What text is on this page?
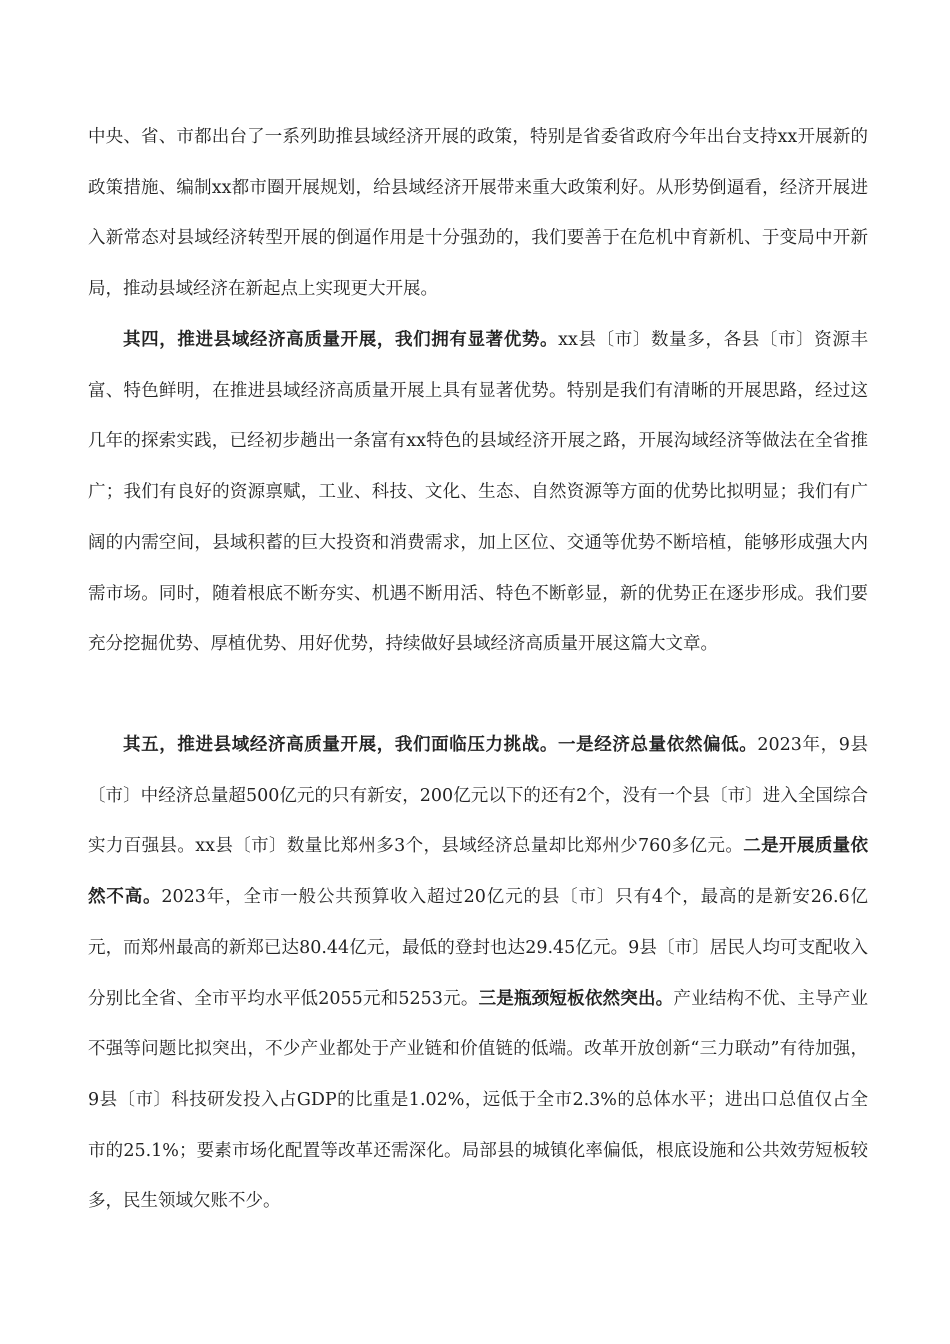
中央、省、市都出台了一系列助推县域经济开展的政策，特别是省委省政府今年出台支持xx开展新的政策措施、编制xx都市圈开展规划，给县域经济开展带来重大政策利好。从形势倒逼看，经济开展进入新常态对县域经济转型开展的倒逼作用是十分强劲的，我们要善于在危机中育新机、于变局中开新局，推动县域经济在新起点上实现更大开展。

其四，推进县域经济高质量开展，我们拥有显著优势。xx县〔市〕数量多，各县〔市〕资源丰富、特色鲜明，在推进县域经济高质量开展上具有显著优势。特别是我们有清晰的开展思路，经过这几年的探索实践，已经初步趟出一条富有xx特色的县域经济开展之路，开展沟域经济等做法在全省推广；我们有良好的资源禀赋，工业、科技、文化、生态、自然资源等方面的优势比拟明显；我们有广阔的内需空间，县域积蓄的巨大投资和消费需求，加上区位、交通等优势不断培植，能够形成强大内需市场。同时，随着根底不断夯实、机遇不断用活、特色不断彰显，新的优势正在逐步形成。我们要充分挖掘优势、厚植优势、用好优势，持续做好县域经济高质量开展这篇大文章。

其五，推进县域经济高质量开展，我们面临压力挑战。一是经济总量依然偏低。2023年，9县〔市〕中经济总量超500亿元的只有新安，200亿元以下的还有2个，没有一个县〔市〕进入全国综合实力百强县。xx县〔市〕数量比郑州多3个，县域经济总量却比郑州少760多亿元。二是开展质量依然不高。2023年，全市一般公共预算收入超过20亿元的县〔市〕只有4个，最高的是新安26.6亿元，而郑州最高的新郑已达80.44亿元，最低的登封也达29.45亿元。9县〔市〕居民人均可支配收入分别比全省、全市平均水平低2055元和5253元。三是瓶颈短板依然突出。产业结构不优、主导产业不强等问题比拟突出，不少产业都处于产业链和价值链的低端。改革开放创新“三力联动”有待加强，9县〔市〕科技研发投入占GDP的比重是1.02%，远低于全市2.3%的总体水平；进出口总值仅占全市的25.1%；要素市场化配置等改革还需深化。局部县的城镇化率偏低，根底设施和公共效劳短板较多，民生领域欠账不少。
